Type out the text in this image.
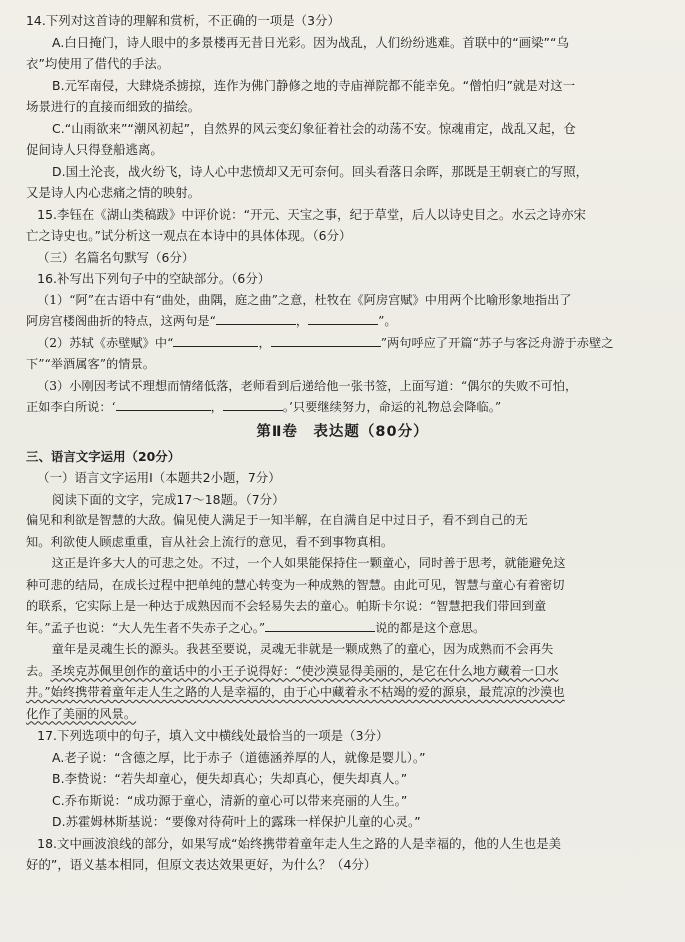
14.下列对这首诗的理解和赏析，不正确的一项是（3分）
A.白日掩门，诗人眼中的多景楼再无昔日光彩。因为战乱，人们纷纷逃难。首联中的“画梁”“乌
衣”均使用了借代的手法。
B.元军南侵，大肆烧杀掳掠，连作为佛门静修之地的寺庙禅院都不能幸免。“僧怕归”就是对这一
场景进行的直接而细致的描绘。
C.“山雨欲来”“潮风初起”，自然界的风云变幻象征着社会的动荡不安。惊魂甫定，战乱又起，仓
促间诗人只得登船逃离。
D.国土沦丧，战火纷飞，诗人心中悲愤却又无可奈何。回头看落日余晖，那既是王朝衰亡的写照，
又是诗人内心悲痛之情的映射。
15.李钰在《湖山类稿跋》中评价说：“开元、天宝之事，纪于草堂，后人以诗史目之。水云之诗亦宋
亡之诗史也。”试分析这一观点在本诗中的具体体现。（6分）
（三）名篇名句默写（6分）
16.补写出下列句子中的空缺部分。（6分）
（1）“阿”在古语中有“曲处，曲隅，庭之曲”之意，杜牧在《阿房宫赋》中用两个比喻形象地指出了
阿房宫楼阁曲折的特点，这两句是“	，	”。
（2）苏轼《赤壁赋》中“	，	”两句呼应了开篇“苏子与客泛舟游于赤壁之
下”“举酒属客”的情景。
（3）小刚因考试不理想而情绪低落，老师看到后递给他一张书签，上面写道：“偶尔的失败不可怕，
正如李白所说：‘	，	。’只要继续努力，命运的礼物总会降临。”
第Ⅱ卷　表达题（80分）
三、语言文字运用（20分）
（一）语言文字运用Ⅰ（本题共2小题，7分）
阅读下面的文字，完成17～18题。（7分）
偏见和利欲是智慧的大敌。偏见使人满足于一知半解，在自满自足中过日子，看不到自己的无
知。利欲使人顾虑重重，盲从社会上流行的意见，看不到事物真相。
这正是许多大人的可悲之处。不过，一个人如果能保持住一颗童心，同时善于思考，就能避免这
种可悲的结局，在成长过程中把单纯的慧心转变为一种成熟的智慧。由此可见，智慧与童心有着密切
的联系，它实际上是一种达于成熟因而不会轻易失去的童心。帕斯卡尔说：“智慧把我们带回到童
年。”孟子也说：“大人先生者不失赤子之心。”	说的都是这个意思。
童年是灵魂生长的源头。我甚至要说，灵魂无非就是一颗成熟了的童心，因为成熟而不会再失
去。圣埃克苏佩里创作的童话中的小王子说得好：“使沙漠显得美丽的，是它在什么地方藏着一口水
井。”始终携带着童年走人生之路的人是幸福的，由于心中藏着永不枯竭的爱的源泉，最荒凉的沙漠也
化作了美丽的风景。
17.下列选项中的句子，填入文中横线处最恰当的一项是（3分）
A.老子说：“含德之厚，比于赤子（道德涵养厚的人，就像是婴儿）。”
B.李贽说：“若失却童心，便失却真心；失却真心，便失却真人。”
C.乔布斯说：“成功源于童心，清新的童心可以带来亮丽的人生。”
D.苏霍姆林斯基说：“要像对待荷叶上的露珠一样保护儿童的心灵。”
18.文中画波浪线的部分，如果写成“始终携带着童年走人生之路的人是幸福的，他的人生也是美
好的”，语义基本相同，但原文表达效果更好，为什么？（4分）
